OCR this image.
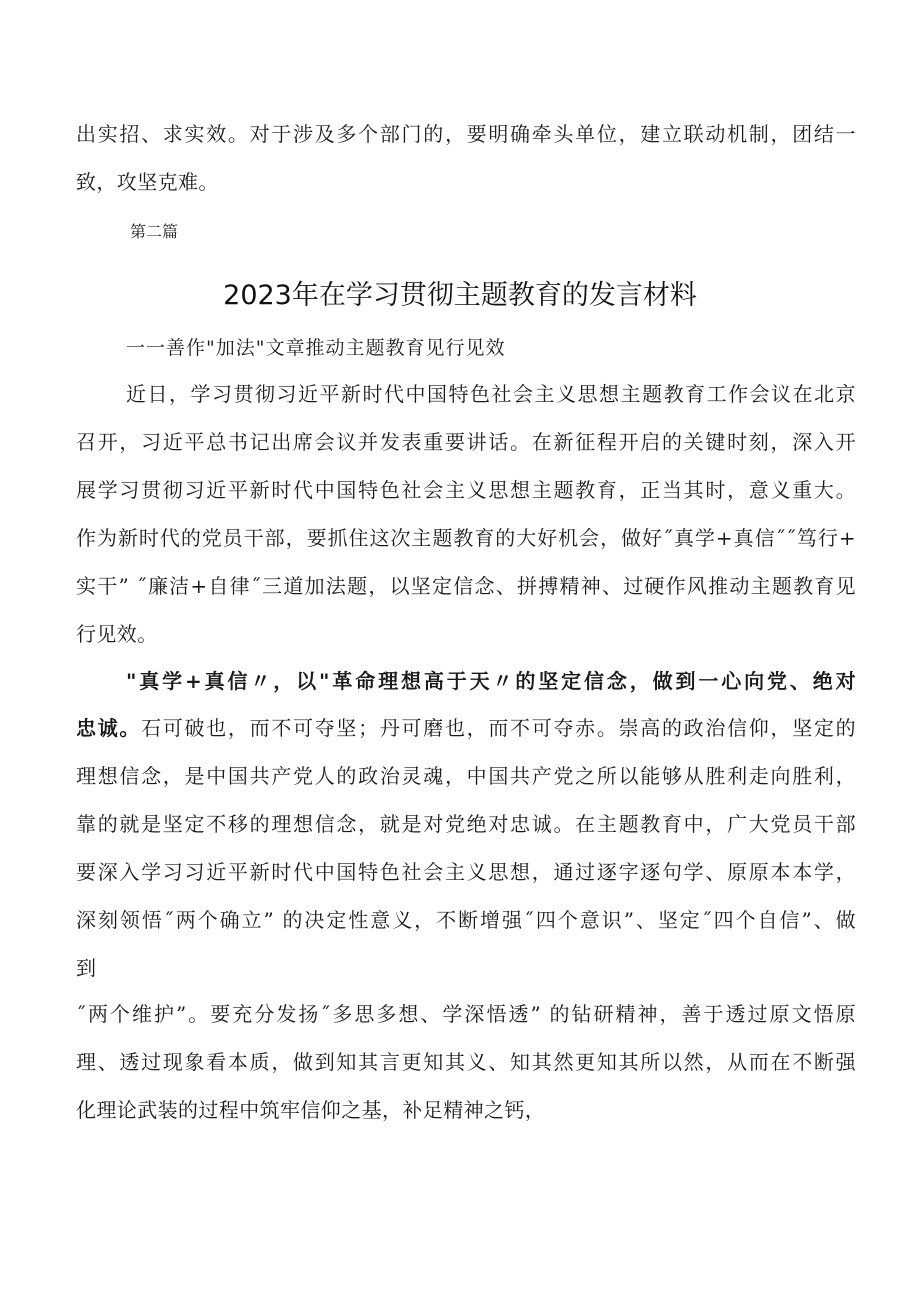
出实招、求实效。对于涉及多个部门的，要明确牵头单位，建立联动机制，团结一
致，攻坚克难。
第二篇
2023年在学习贯彻主题教育的发言材料
一一善作"加法"文章推动主题教育见行见效
近日，学习贯彻习近平新时代中国特色社会主义思想主题教育工作会议在北京
召开，习近平总书记出席会议并发表重要讲话。在新征程开启的关键时刻，深入开
展学习贯彻习近平新时代中国特色社会主义思想主题教育，正当其时，意义重大。
作为新时代的党员干部，要抓住这次主题教育的大好机会，做好˝真学+真信˝˝笃行+
实干” ˝廉洁+自律˝三道加法题，以坚定信念、拼搏精神、过硬作风推动主题教育见
行见效。
"真学+真信〃，以"革命理想高于天〃的坚定信念，做到一心向党、绝对
忠诚。石可破也，而不可夺坚；丹可磨也，而不可夺赤。崇高的政治信仰，坚定的
理想信念，是中国共产党人的政治灵魂，中国共产党之所以能够从胜利走向胜利，
靠的就是坚定不移的理想信念，就是对党绝对忠诚。在主题教育中，广大党员干部
要深入学习习近平新时代中国特色社会主义思想，通过逐字逐句学、原原本本学，
深刻领悟˝两个确立” 的决定性意义，不断增强˝四个意识”、坚定˝四个自信”、做
到
˝两个维护”。要充分发扬˝多思多想、学深悟透” 的钻研精神，善于透过原文悟原
理、透过现象看本质，做到知其言更知其义、知其然更知其所以然，从而在不断强
化理论武装的过程中筑牢信仰之基，补足精神之钙，
